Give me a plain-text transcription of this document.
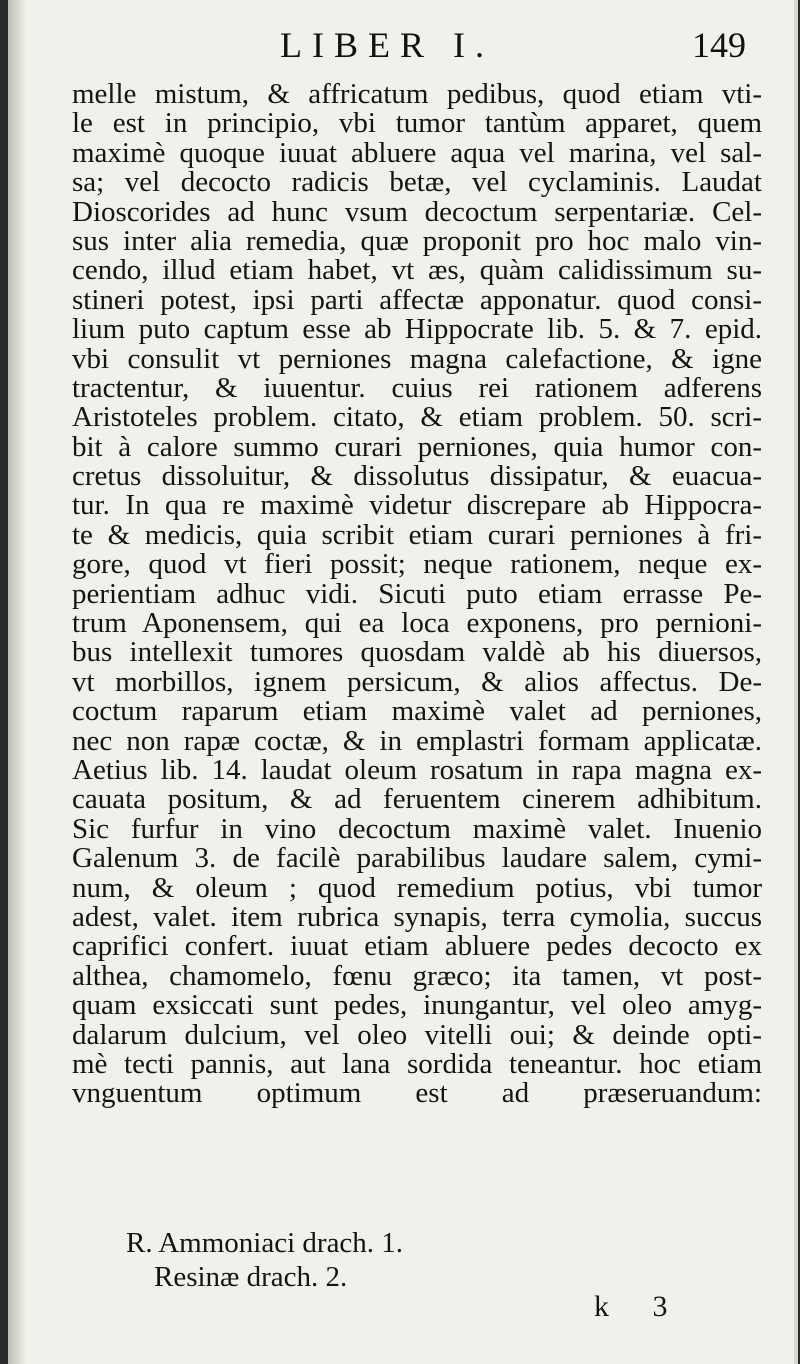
LIBER I.	149
melle mistum, & affricatum pedibus, quod etiam vti-
le est in principio, vbi tumor tantùm apparet, quem
maximè quoque iuuat abluere aqua vel marina, vel sal-
sa; vel decocto radicis betæ, vel cyclaminis. Laudat
Dioscorides ad hunc vsum decoctum serpentariæ. Cel-
sus inter alia remedia, quæ proponit pro hoc malo vin-
cendo, illud etiam habet, vt æs, quàm calidissimum su-
stineri potest, ipsi parti affectæ apponatur. quod consi-
lium puto captum esse ab Hippocrate lib. 5. & 7. epid.
vbi consulit vt perniones magna calefactione, & igne
tractentur, & iuuentur. cuius rei rationem adferens
Aristoteles problem. citato, & etiam problem. 50. scri-
bit à calore summo curari perniones, quia humor con-
cretus dissoluitur, & dissolutus dissipatur, & euacua-
tur. In qua re maximè videtur discrepare ab Hippocra-
te & medicis, quia scribit etiam curari perniones à fri-
gore, quod vt fieri possit; neque rationem, neque ex-
perientiam adhuc vidi. Sicuti puto etiam errasse Pe-
trum Aponensem, qui ea loca exponens, pro pernioni-
bus intellexit tumores quosdam valdè ab his diuersos,
vt morbillos, ignem persicum, & alios affectus. De-
coctum raparum etiam maximè valet ad perniones,
nec non rapæ coctæ, & in emplastri formam applicatæ.
Aetius lib. 14. laudat oleum rosatum in rapa magna ex-
cauata positum, & ad feruentem cinerem adhibitum.
Sic furfur in vino decoctum maximè valet. Inuenio
Galenum 3. de facilè parabilibus laudare salem, cymi-
num, & oleum ; quod remedium potius, vbi tumor
adest, valet. item rubrica synapis, terra cymolia, succus
caprifici confert. iuuat etiam abluere pedes decocto ex
althea, chamomelo, fœnu græco; ita tamen, vt post-
quam exsiccati sunt pedes, inungantur, vel oleo amyg-
dalarum dulcium, vel oleo vitelli oui; & deinde opti-
mè tecti pannis, aut lana sordida teneantur. hoc etiam
vnguentum optimum est ad præseruandum:
R. Ammoniaci drach. 1.
Resinæ drach. 2.
k 3
